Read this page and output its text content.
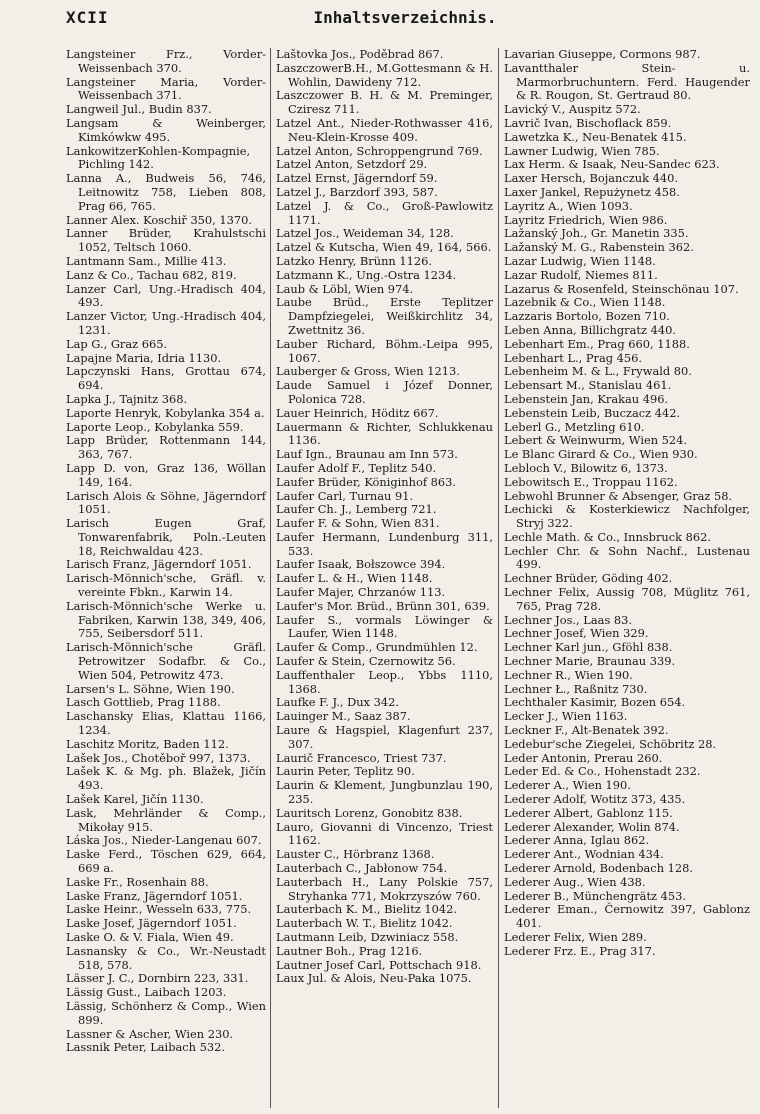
XCII	Inhaltsverzeichnis.

Langsteiner Frz., Vorder-Weissenbach 370.

Langsteiner Maria, Vorder-Weissenbach 371.

Langweil Jul., Budin 837.

Langsam & Weinberger, Kimkówkw 495.

LankowitzerKohlen-Kompagnie, Pichling 142.

Lanna A., Budweis 56, 746, Leitnowitz 758, Lieben 808, Prag 66, 765.

Lanner Alex. Koschiř 350, 1370.

Lanner Brüder, Krahulstschi 1052, Teltsch 1060.

Lantmann Sam., Millie 413.

Lanz & Co., Tachau 682, 819.

Lanzer Carl, Ung.-Hradisch 404, 493.

Lanzer Victor, Ung.-Hradisch 404, 1231.

Lap G., Graz 665.

Lapajne Maria, Idria 1130.

Lapczynski Hans, Grottau 674, 694.

Lapka J., Tajnitz 368.

Laporte Henryk, Kobylanka 354 a.

Laporte Leop., Kobylanka 559.

Lapp Brüder, Rottenmann 144, 363, 767.

Lapp D. von, Graz 136, Wöllan 149, 164.

Larisch Alois & Söhne, Jägerndorf 1051.

Larisch Eugen Graf, Tonwarenfabrik, Poln.-Leuten 18, Reichwaldau 423.

Larisch Franz, Jägerndorf 1051.

Larisch-Mönnich'sche, Gräfl. v. vereinte Fbkn., Karwin 14.

Larisch-Mönnich'sche Werke u. Fabriken, Karwin 138, 349, 406, 755, Seibersdorf 511.

Larisch-Mönnich'sche Gräfl. Petrowitzer Sodafbr. & Co., Wien 504, Petrowitz 473.

Larsen's L. Söhne, Wien 190.

Lasch Gottlieb, Prag 1188.

Laschansky Elias, Klattau 1166, 1234.

Laschitz Moritz, Baden 112.

Lašek Jos., Chotěboř 997, 1373.

Lašek K. & Mg. ph. Blažek, Jičín 493.

Lašek Karel, Jičín 1130.

Lask, Mehrländer & Comp., Mikołay 915.

Láska Jos., Nieder-Langenau 607.

Laske Ferd., Töschen 629, 664, 669 a.

Laske Fr., Rosenhain 88.

Laske Franz, Jägerndorf 1051.

Laske Heinr., Wesseln 633, 775.

Laske Josef, Jägerndorf 1051.

Laske O. & V. Fiala, Wien 49.

Lasnansky & Co., Wr.-Neustadt 518, 578.

Lässer J. C., Dornbirn 223, 331.

Lässig Gust., Laibach 1203.

Lässig, Schönherz & Comp., Wien 899.

Lassner & Ascher, Wien 230.

Lassnik Peter, Laibach 532.

Laštovka Jos., Poděbrad 867.

LaszczowerB.H., M.Gottesmann & H. Wohlin, Dawideny 712.

Laszczower B. H. & M. Preminger, Cziresz 711.

Latzel Ant., Nieder-Rothwasser 416, Neu-Klein-Krosse 409.

Latzel Anton, Schroppengrund 769.

Latzel Anton, Setzdorf 29.

Latzel Ernst, Jägerndorf 59.

Latzel J., Barzdorf 393, 587.

Latzel J. & Co., Groß-Pawlowitz 1171.

Latzel Jos., Weideman 34, 128.

Latzel & Kutscha, Wien 49, 164, 566.

Latzko Henry, Brünn 1126.

Latzmann K., Ung.-Ostra 1234.

Laub & Löbl, Wien 974.

Laube Brüd., Erste Teplitzer Dampfziegelei, Weißkirchlitz 34, Zwettnitz 36.

Lauber Richard, Böhm.-Leipa 995, 1067.

Lauberger & Gross, Wien 1213.

Laude Samuel i Józef Donner, Polonica 728.

Lauer Heinrich, Höditz 667.

Lauermann & Richter, Schlukkenau 1136.

Lauf Ign., Braunau am Inn 573.

Laufer Adolf F., Teplitz 540.

Laufer Brüder, Königinhof 863.

Laufer Carl, Turnau 91.

Laufer Ch. J., Lemberg 721.

Laufer F. & Sohn, Wien 831.

Laufer Hermann, Lundenburg 311, 533.

Laufer Isaak, Bołszowce 394.

Laufer L. & H., Wien 1148.

Laufer Majer, Chrzanów 113.

Laufer's Mor. Brüd., Brünn 301, 639.

Laufer S., vormals Löwinger & Laufer, Wien 1148.

Laufer & Comp., Grundmühlen 12.

Laufer & Stein, Czernowitz 56.

Lauffenthaler Leop., Ybbs 1110, 1368.

Laufke F. J., Dux 342.

Lauinger M., Saaz 387.

Laure & Hagspiel, Klagenfurt 237, 307.

Laurič Francesco, Triest 737.

Laurin Peter, Teplitz 90.

Laurin & Klement, Jungbunzlau 190, 235.

Lauritsch Lorenz, Gonobitz 838.

Lauro, Giovanni di Vincenzo, Triest 1162.

Lauster C., Hörbranz 1368.

Lauterbach C., Jabłonow 754.

Lauterbach H., Lany Polskie 757, Stryhanka 771, Mokrzyszów 760.

Lauterbach K. M., Bielitz 1042.

Lauterbach W. T., Bielitz 1042.

Lautmann Leib, Dzwiniacz 558.

Lautner Boh., Prag 1216.

Lautner Josef Carl, Pottschach 918.

Laux Jul. & Alois, Neu-Paka 1075.

Lavarian Giuseppe, Cormons 987.

Lavantthaler Stein- u. Marmorbruchuntern. Ferd. Haugender & R. Rougon, St. Gertraud 80.

Lavický V., Auspitz 572.

Lavrič Ivan, Bischoflack 859.

Lawetzka K., Neu-Benatek 415.

Lawner Ludwig, Wien 785.

Lax Herm. & Isaak, Neu-Sandec 623.

Laxer Hersch, Bojanczuk 440.

Laxer Jankel, Repużynetz 458.

Layritz A., Wien 1093.

Layritz Friedrich, Wien 986.

Lažanský Joh., Gr. Manetin 335.

Lažanský M. G., Rabenstein 362.

Lazar Ludwig, Wien 1148.

Lazar Rudolf, Niemes 811.

Lazarus & Rosenfeld, Steinschönau 107.

Lazebnik & Co., Wien 1148.

Lazzaris Bortolo, Bozen 710.

Leben Anna, Billichgratz 440.

Lebenhart Em., Prag 660, 1188.

Lebenhart L., Prag 456.

Lebenheim M. & L., Frywald 80.

Lebensart M., Stanislau 461.

Lebenstein Jan, Krakau 496.

Lebenstein Leib, Buczacz 442.

Leberl G., Metzling 610.

Lebert & Weinwurm, Wien 524.

Le Blanc Girard & Co., Wien 930.

Lebloch V., Bilowitz 6, 1373.

Lebowitsch E., Troppau 1162.

Lebwohl Brunner & Absenger, Graz 58.

Lechicki & Kosterkiewicz Nachfolger, Stryj 322.

Lechle Math. & Co., Innsbruck 862.

Lechler Chr. & Sohn Nachf., Lustenau 499.

Lechner Brüder, Göding 402.

Lechner Felix, Aussig 708, Müglitz 761, 765, Prag 728.

Lechner Jos., Laas 83.

Lechner Josef, Wien 329.

Lechner Karl jun., Gföhl 838.

Lechner Marie, Braunau 339.

Lechner R., Wien 190.

Lechner Ł., Raßnitz 730.

Lechthaler Kasimir, Bozen 654.

Lecker J., Wien 1163.

Leckner F., Alt-Benatek 392.

Ledebur'sche Ziegelei, Schöbritz 28.

Leder Antonin, Prerau 260.

Leder Ed. & Co., Hohenstadt 232.

Lederer A., Wien 190.

Lederer Adolf, Wotitz 373, 435.

Lederer Albert, Gablonz 115.

Lederer Alexander, Wolin 874.

Lederer Anna, Iglau 862.

Lederer Ant., Wodnian 434.

Lederer Arnold, Bodenbach 128.

Lederer Aug., Wien 438.

Lederer B., Münchengrätz 453.

Lederer Eman., Černowitz 397, Gablonz 401.

Lederer Felix, Wien 289.

Lederer Frz. E., Prag 317.
